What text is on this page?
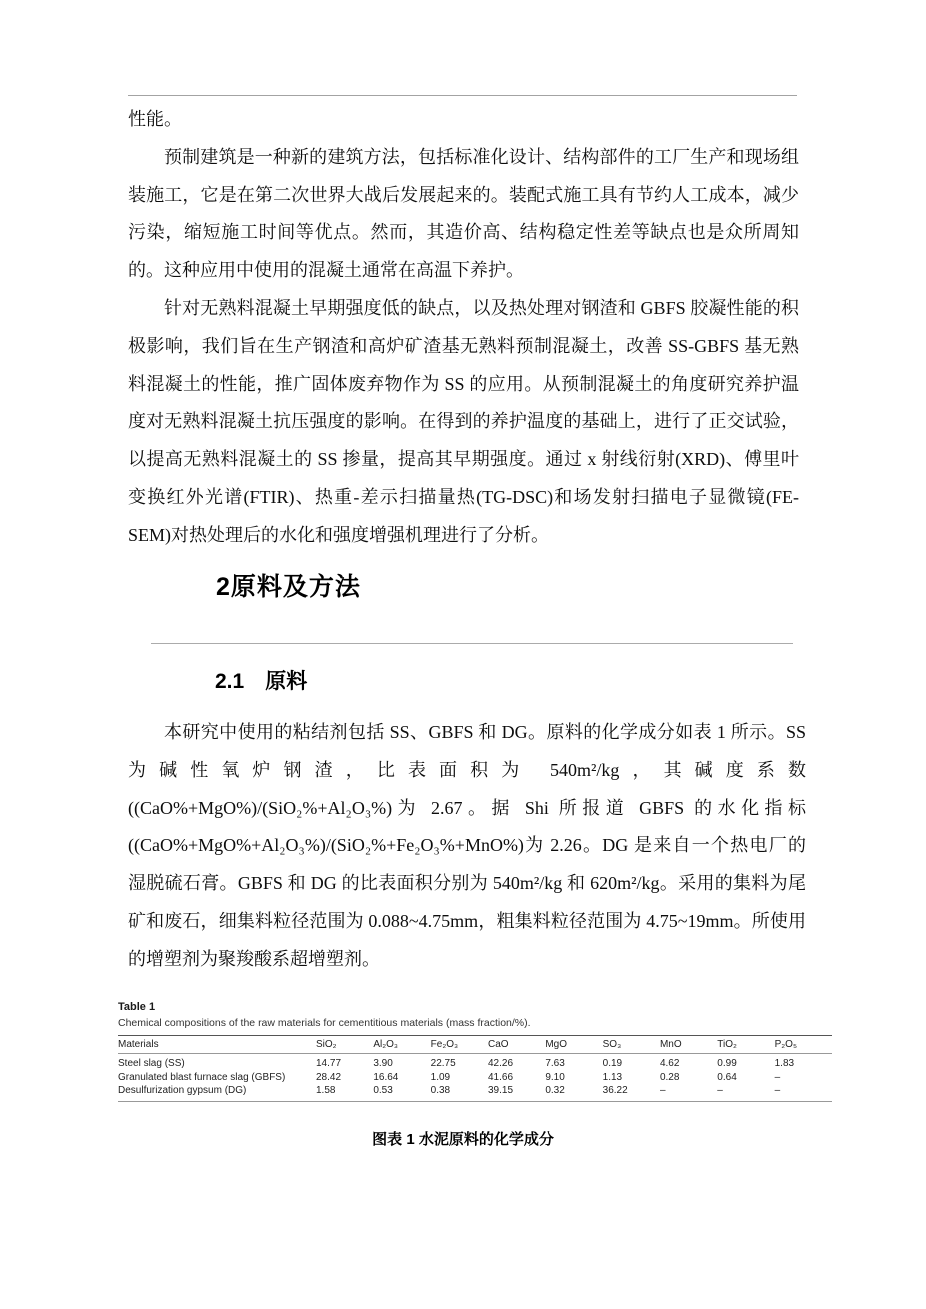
性能。

预制建筑是一种新的建筑方法，包括标准化设计、结构部件的工厂生产和现场组装施工，它是在第二次世界大战后发展起来的。装配式施工具有节约人工成本，减少污染，缩短施工时间等优点。然而，其造价高、结构稳定性差等缺点也是众所周知的。这种应用中使用的混凝土通常在高温下养护。

针对无熟料混凝土早期强度低的缺点，以及热处理对钢渣和 GBFS 胶凝性能的积极影响，我们旨在生产钢渣和高炉矿渣基无熟料预制混凝土，改善 SS-GBFS 基无熟料混凝土的性能，推广固体废弃物作为 SS 的应用。从预制混凝土的角度研究养护温度对无熟料混凝土抗压强度的影响。在得到的养护温度的基础上，进行了正交试验，以提高无熟料混凝土的 SS 掺量，提高其早期强度。通过 x 射线衍射(XRD)、傅里叶变换红外光谱(FTIR)、热重-差示扫描量热(TG-DSC)和场发射扫描电子显微镜(FE-SEM)对热处理后的水化和强度增强机理进行了分析。

2原料及方法
2.1　原料

本研究中使用的粘结剂包括 SS、GBFS 和 DG。原料的化学成分如表 1 所示。SS 为碱性氧炉钢渣，比表面积为 540m²/kg，其碱度系数((CaO%+MgO%)/(SiO₂%+Al₂O₃%)为 2.67。据 Shi 所报道 GBFS 的水化指标((CaO%+MgO%+Al₂O₃%)/(SiO₂%+Fe₂O₃%+MnO%)为 2.26。DG 是来自一个热电厂的湿脱硫石膏。GBFS 和 DG 的比表面积分别为 540m²/kg 和 620m²/kg。采用的集料为尾矿和废石，细集料粒径范围为 0.088~4.75mm，粗集料粒径范围为 4.75~19mm。所使用的增塑剂为聚羧酸系超增塑剂。

Table 1
Chemical compositions of the raw materials for cementitious materials (mass fraction/%).
Materials	SiO₂	Al₂O₃	Fe₂O₃	CaO	MgO	SO₃	MnO	TiO₂	P₂O₅
Steel slag (SS)	14.77	3.90	22.75	42.26	7.63	0.19	4.62	0.99	1.83
Granulated blast furnace slag (GBFS)	28.42	16.64	1.09	41.66	9.10	1.13	0.28	0.64	–
Desulfurization gypsum (DG)	1.58	0.53	0.38	39.15	0.32	36.22	–	–	–
图表 1 水泥原料的化学成分
